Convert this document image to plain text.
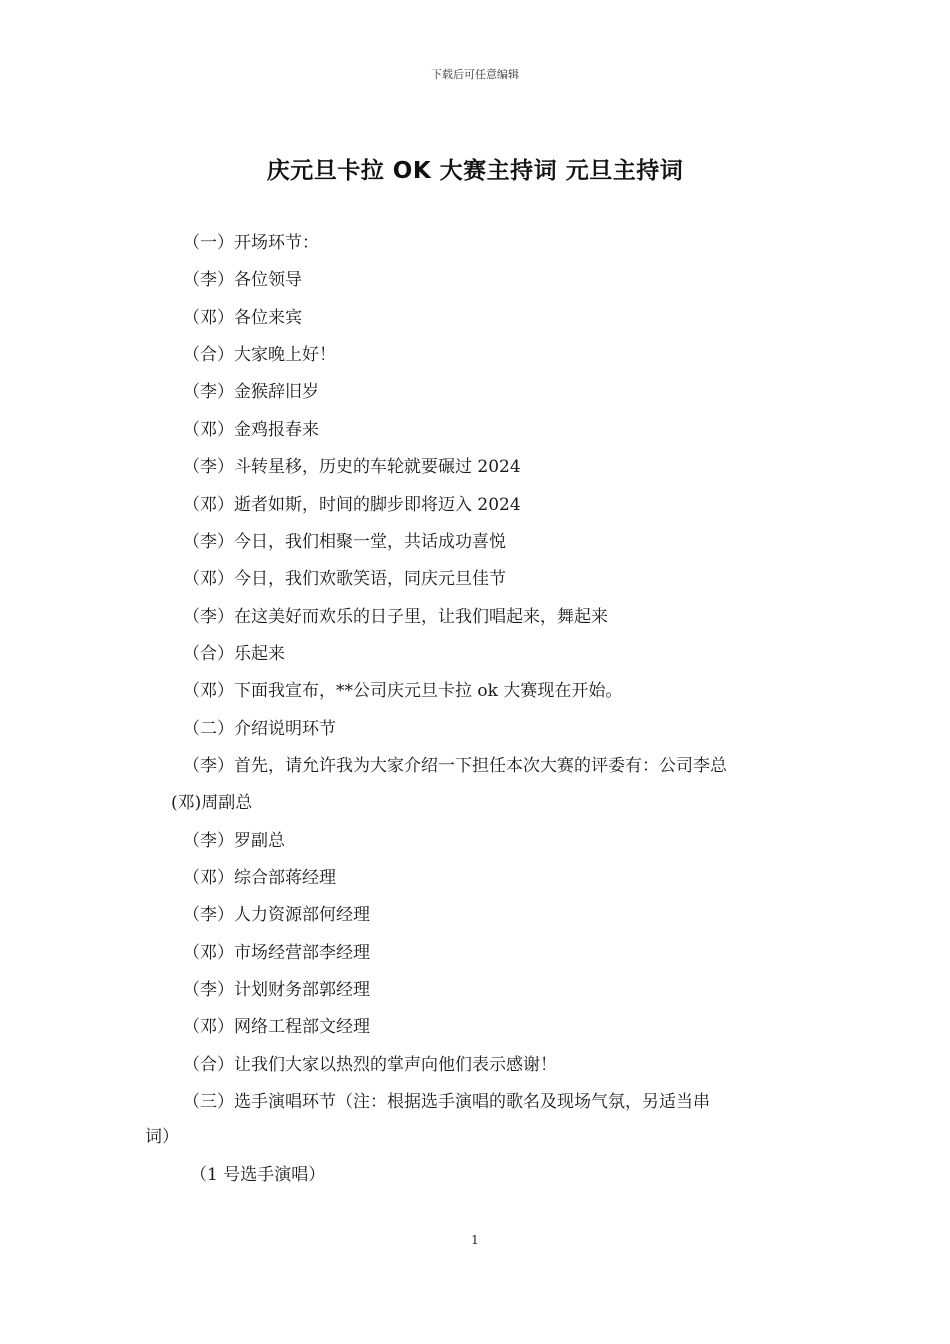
下载后可任意编辑
庆元旦卡拉 OK 大赛主持词 元旦主持词
（一）开场环节：
（李）各位领导
（邓）各位来宾
（合）大家晚上好！
（李）金猴辞旧岁
（邓）金鸡报春来
（李）斗转星移，历史的车轮就要碾过 2024
（邓）逝者如斯，时间的脚步即将迈入 2024
（李）今日，我们相聚一堂，共话成功喜悦
（邓）今日，我们欢歌笑语，同庆元旦佳节
（李）在这美好而欢乐的日子里，让我们唱起来，舞起来
（合）乐起来
（邓）下面我宣布，**公司庆元旦卡拉 ok 大赛现在开始。
（二）介绍说明环节
（李）首先，请允许我为大家介绍一下担任本次大赛的评委有：公司李总
(邓)周副总
（李）罗副总
（邓）综合部蒋经理
（李）人力资源部何经理
（邓）市场经营部李经理
（李）计划财务部郭经理
（邓）网络工程部文经理
（合）让我们大家以热烈的掌声向他们表示感谢！
（三）选手演唱环节（注：根据选手演唱的歌名及现场气氛，另适当串
词）
（1 号选手演唱）
1
